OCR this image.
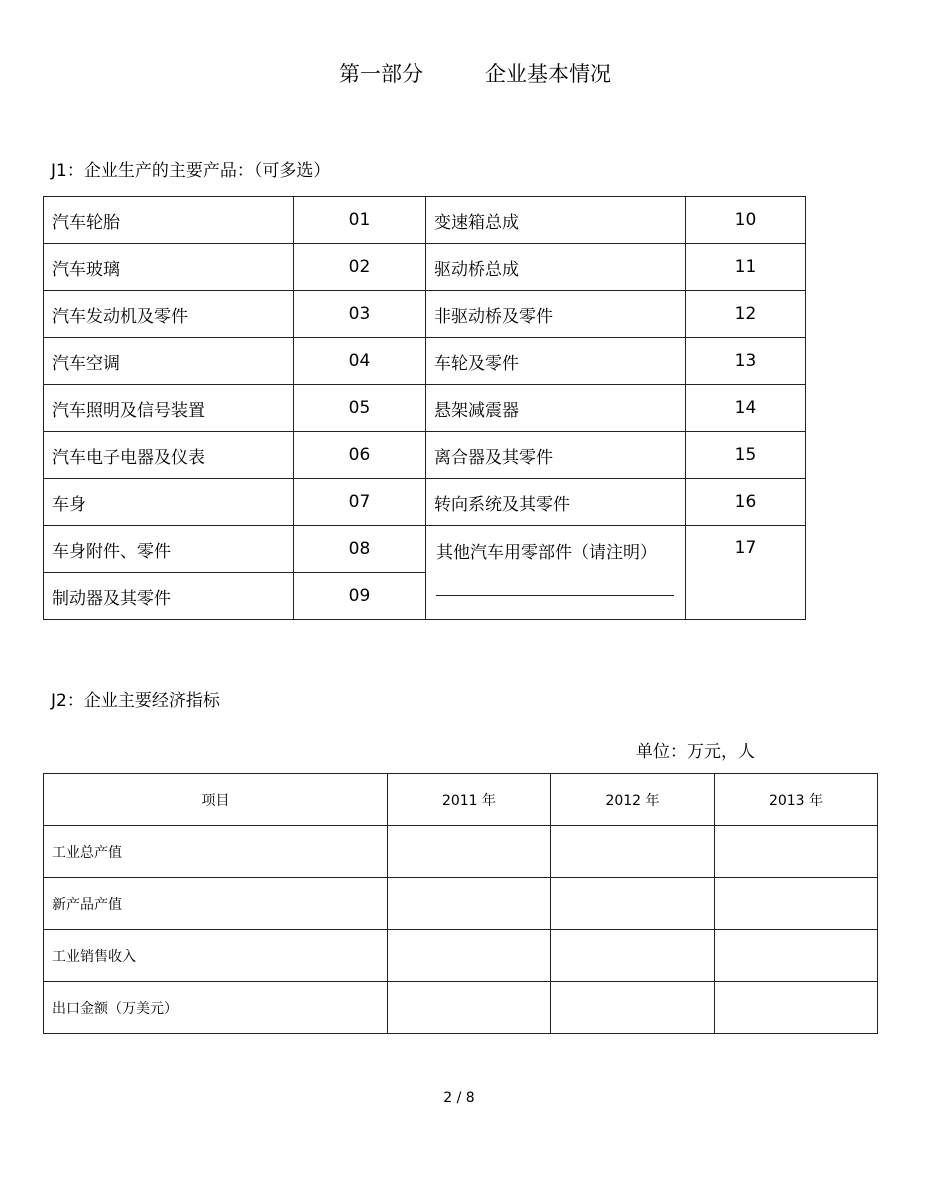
第一部分	企业基本情况
J1：企业生产的主要产品：（可多选）
汽车轮胎	01	变速箱总成	10
汽车玻璃	02	驱动桥总成	11
汽车发动机及零件	03	非驱动桥及零件	12
汽车空调	04	车轮及零件	13
汽车照明及信号装置	05	悬架减震器	14
汽车电子电器及仪表	06	离合器及其零件	15
车身	07	转向系统及其零件	16
车身附件、零件	08	其他汽车用零部件（请注明）	17
制动器及其零件	09		
J2：企业主要经济指标
单位：万元，人
项目	2011 年	2012 年	2013 年
工业总产值			
新产品产值			
工业销售收入			
出口金额（万美元）			
2 / 8
